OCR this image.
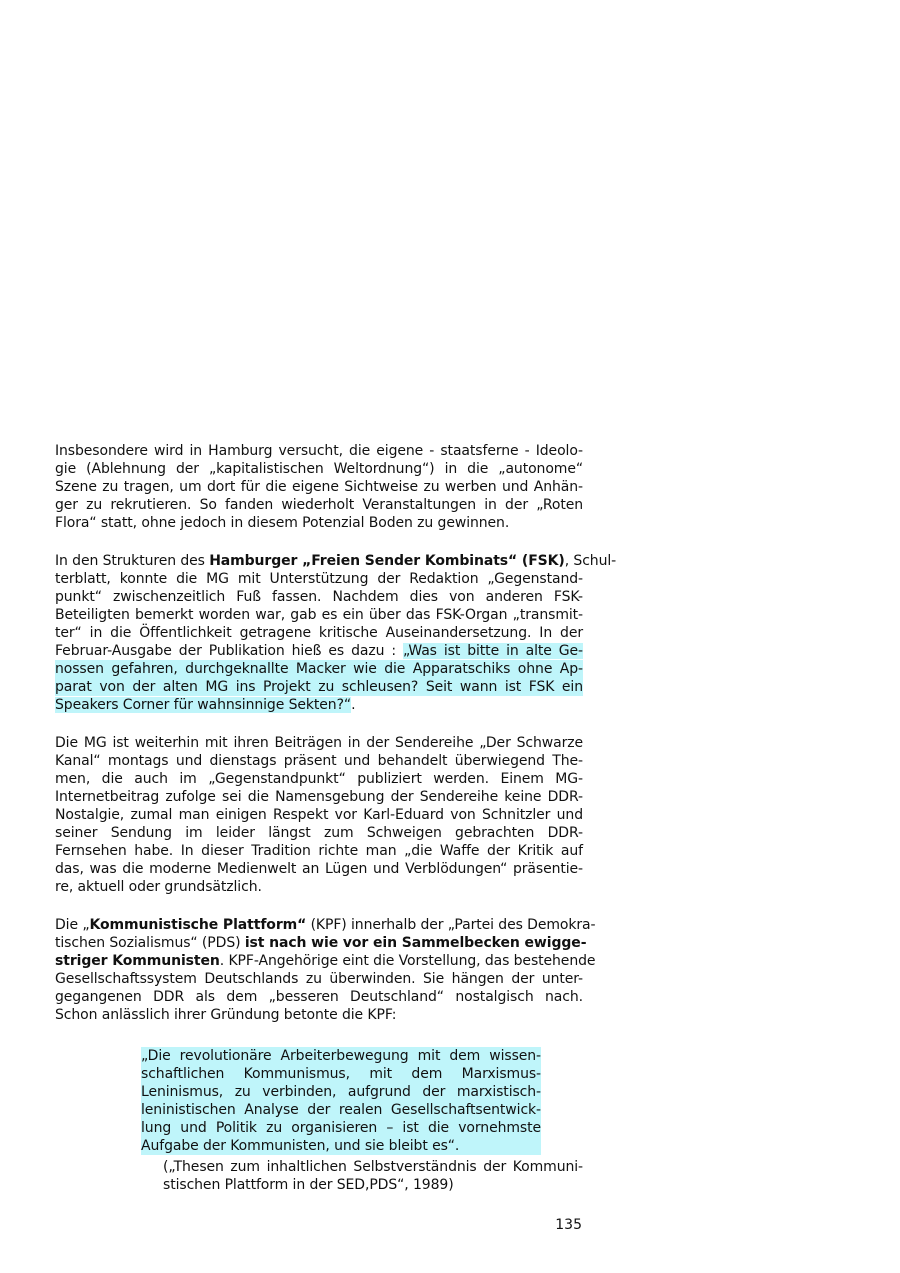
Insbesondere wird in Hamburg versucht, die eigene - staatsferne - Ideolo-
gie (Ablehnung der „kapitalistischen Weltordnung“) in die „autonome“
Szene zu tragen, um dort für die eigene Sichtweise zu werben und Anhän-
ger zu rekrutieren. So fanden wiederholt Veranstaltungen in der „Roten
Flora“ statt, ohne jedoch in diesem Potenzial Boden zu gewinnen.
In den Strukturen des Hamburger „Freien Sender Kombinats“ (FSK), Schul-
terblatt, konnte die MG mit Unterstützung der Redaktion „Gegenstand-
punkt“ zwischenzeitlich Fuß fassen. Nachdem dies von anderen FSK-
Beteiligten bemerkt worden war, gab es ein über das FSK-Organ „transmit-
ter“ in die Öffentlichkeit getragene kritische Auseinandersetzung. In der
Februar-Ausgabe der Publikation hieß es dazu : „Was ist bitte in alte Ge-
nossen gefahren, durchgeknallte Macker wie die Apparatschiks ohne Ap-
parat von der alten MG ins Projekt zu schleusen? Seit wann ist FSK ein
Speakers Corner für wahnsinnige Sekten?“.
Die MG ist weiterhin mit ihren Beiträgen in der Sendereihe „Der Schwarze
Kanal“ montags und dienstags präsent und behandelt überwiegend The-
men, die auch im „Gegenstandpunkt“ publiziert werden. Einem MG-
Internetbeitrag zufolge sei die Namensgebung der Sendereihe keine DDR-
Nostalgie, zumal man einigen Respekt vor Karl-Eduard von Schnitzler und
seiner Sendung im leider längst zum Schweigen gebrachten DDR-
Fernsehen habe. In dieser Tradition richte man „die Waffe der Kritik auf
das, was die moderne Medienwelt an Lügen und Verblödungen“ präsentie-
re, aktuell oder grundsätzlich.
Die „Kommunistische Plattform“ (KPF) innerhalb der „Partei des Demokra-
tischen Sozialismus“ (PDS) ist nach wie vor ein Sammelbecken ewigge-
striger Kommunisten. KPF-Angehörige eint die Vorstellung, das bestehende
Gesellschaftssystem Deutschlands zu überwinden. Sie hängen der unter-
gegangenen DDR als dem „besseren Deutschland“ nostalgisch nach.
Schon anlässlich ihrer Gründung betonte die KPF:
„Die revolutionäre Arbeiterbewegung mit dem wissen-
schaftlichen Kommunismus, mit dem Marxismus-
Leninismus, zu verbinden, aufgrund der marxistisch-
leninistischen Analyse der realen Gesellschaftsentwick-
lung und Politik zu organisieren – ist die vornehmste
Aufgabe der Kommunisten, und sie bleibt es“.
(„Thesen zum inhaltlichen Selbstverständnis der Kommuni-
stischen Plattform in der SED,PDS“, 1989)
135
